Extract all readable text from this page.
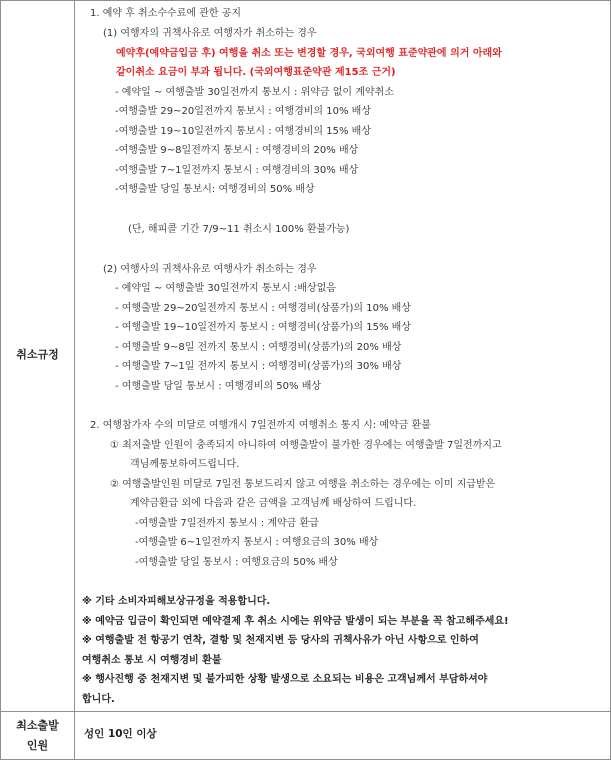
취소규정
최소출발
인원
성인 10인 이상
1. 예약 후 취소수수료에 관한 공지
(1) 여행자의 귀책사유로 여행자가 취소하는 경우
예약후(예약금입금 후) 여행을 취소 또는 변경할 경우, 국외여행 표준약관에 의거 아래와
같이취소 요금이 부과 됩니다. (국외여행표준약관 제15조 근거)
- 예약일 ~ 여행출발 30일전까지 통보시 : 위약금 없이 계약취소
-여행출발 29~20일전까지 통보시 : 여행경비의 10% 배상
-여행출발 19~10일전까지 통보시 : 여행경비의 15% 배상
-여행출발 9~8일전까지 통보시 : 여행경비의 20% 배상
-여행출발 7~1일전까지 통보시 : 여행경비의 30% 배상
-여행출발 당일 통보시: 여행경비의 50% 배상
(단, 해피콜 기간 7/9~11 취소시 100% 환불가능)
(2) 여행사의 귀책사유로 여행사가 취소하는 경우
- 예약일 ~ 여행출발 30일전까지 통보시 :배상없음
- 여행출발 29~20일전까지 통보시 : 여행경비(상품가)의 10% 배상
- 여행출발 19~10일전까지 통보시 : 여행경비(상품가)의 15% 배상
- 여행출발 9~8일 전까지 통보시 : 여행경비(상품가)의 20% 배상
- 여행출발 7~1일 전까지 통보시 : 여행경비(상품가)의 30% 배상
- 여행출발 당일 통보시 : 여행경비의 50% 배상
2. 여행참가자 수의 미달로 여행개시 7일전까지 여행취소 통지 시: 예약금 환불
① 최저출발 인원이 충족되지 아니하여 여행출발이 불가한 경우에는 여행출발 7일전까지고
객님께통보하여드립니다.
② 여행출발인원 미달로 7일전 통보드리지 않고 여행을 취소하는 경우에는 이미 지급받은
계약금환급 외에 다음과 같은 금액을 고객님께 배상하여 드립니다.
-여행출발 7일전까지 통보시 : 계약금 환급
-여행출발 6~1일전까지 통보시 : 여행요금의 30% 배상
-여행출발 당일 통보시 : 여행요금의 50% 배상
※ 기타 소비자피해보상규정을 적용합니다.
※ 예약금 입금이 확인되면 예약결제 후 취소 시에는 위약금 발생이 되는 부분을 꼭 참고해주세요!
※ 여행출발 전 항공기 연착, 결항 및 천재지변 등 당사의 귀책사유가 아닌 사항으로 인하여
여행취소 통보 시 여행경비 환불
※ 행사진행 중 천재지변 및 불가피한 상황 발생으로 소요되는 비용은 고객님께서 부담하셔야
합니다.
